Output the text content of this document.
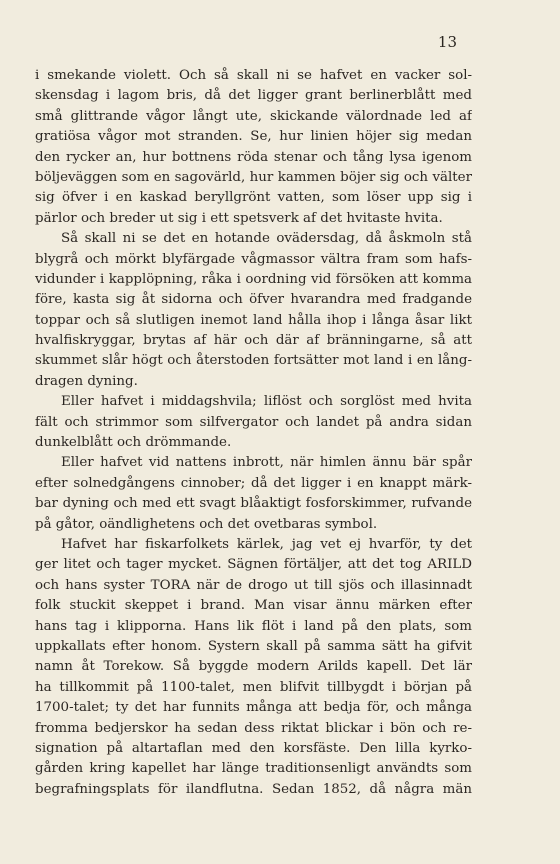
13
i smekande violett. Och så skall ni se hafvet en vacker sol-
skensdag i lagom bris, då det ligger grant berlinerblått med
små glittrande vågor långt ute, skickande välordnade led af
gratiösa vågor mot stranden. Se, hur linien höjer sig medan
den rycker an, hur bottnens röda stenar och tång lysa igenom
böljeväggen som en sagovärld, hur kammen böjer sig och välter
sig öfver i en kaskad beryllgrönt vatten, som löser upp sig i
pärlor och breder ut sig i ett spetsverk af det hvitaste hvita.
Så skall ni se det en hotande ovädersdag, då åskmoln stå
blygrå och mörkt blyfärgade vågmassor vältra fram som hafs-
vidunder i kapplöpning, råka i oordning vid försöken att komma
före, kasta sig åt sidorna och öfver hvarandra med fradgande
toppar och så slutligen inemot land hålla ihop i långa åsar likt
hvalfiskryggar, brytas af här och där af bränningarne, så att
skummet slår högt och återstoden fortsätter mot land i en lång-
dragen dyning.
Eller hafvet i middagshvila; liflöst och sorglöst med hvita
fält och strimmor som silfvergator och landet på andra sidan
dunkelblått och drömmande.
Eller hafvet vid nattens inbrott, när himlen ännu bär spår
efter solnedgångens cinnober; då det ligger i en knappt märk-
bar dyning och med ett svagt blåaktigt fosforskimmer, rufvande
på gåtor, oändlighetens och det ovetbaras symbol.
Hafvet har fiskarfolkets kärlek, jag vet ej hvarför, ty det
ger litet och tager mycket. Sägnen förtäljer, att det tog ARILD
och hans syster TORA när de drogo ut till sjös och illasinnadt
folk stuckit skeppet i brand. Man visar ännu märken efter
hans tag i klipporna. Hans lik flöt i land på den plats, som
uppkallats efter honom. Systern skall på samma sätt ha gifvit
namn åt Torekow. Så byggde modern Arilds kapell. Det lär
ha tillkommit på 1100-talet, men blifvit tillbygdt i början på
1700-talet; ty det har funnits många att bedja för, och många
fromma bedjerskor ha sedan dess riktat blickar i bön och re-
signation på altartaflan med den korsfäste. Den lilla kyrko-
gården kring kapellet har länge traditionsenligt användts som
begrafningsplats för ilandflutna. Sedan 1852, då några män
